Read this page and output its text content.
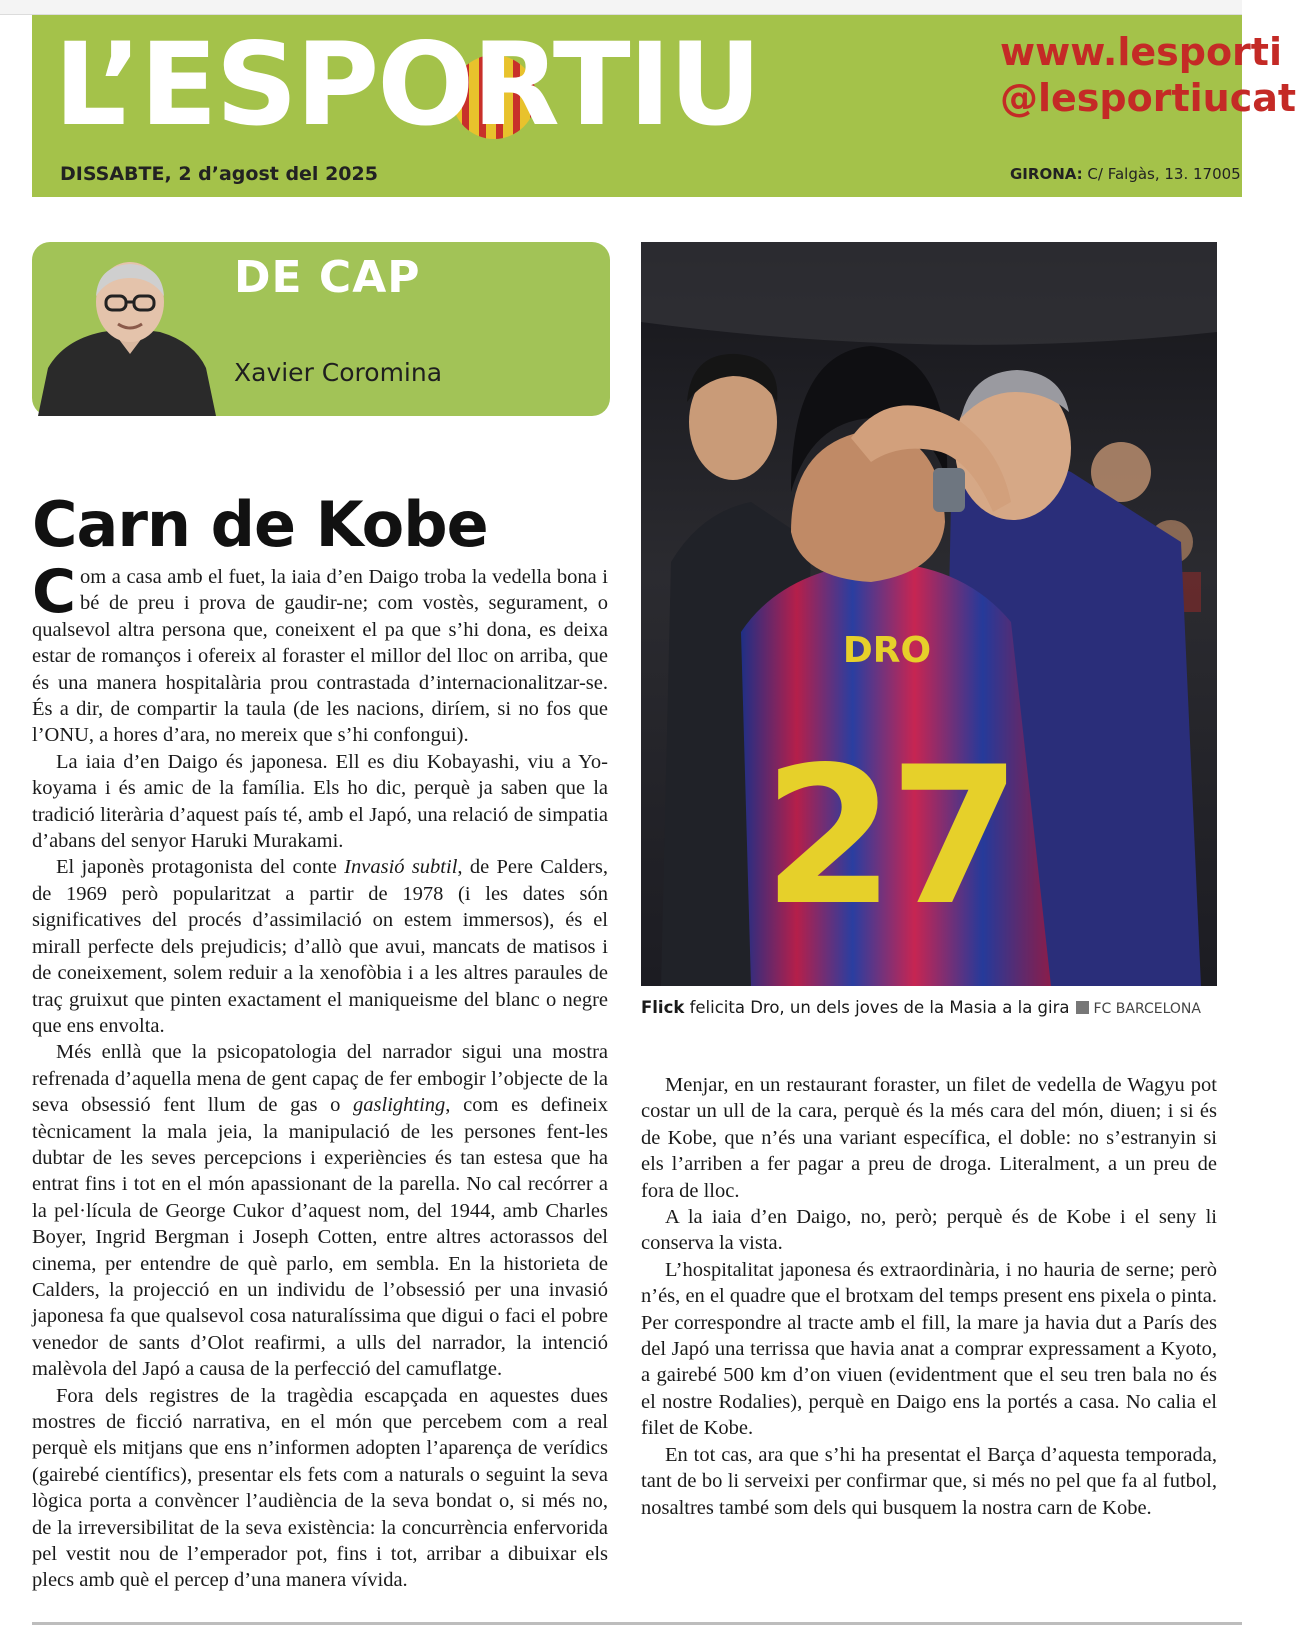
L’ESPORTIU	www.lesporti
@lesportiucat
DISSABTE, 2 d’agost del 2025	GIRONA: C/ Falgàs, 13. 17005
DE CAP
Xavier Coromina
Carn de Kobe

Com a casa amb el fuet, la iaia d’en Daigo troba la vedella bona i bé de preu i prova de gaudir-ne; com vostès, segurament, o qualsevol altra persona que, coneixent el pa que s’hi dona, es deixa estar de romanços i ofereix al foraster el millor del lloc on arriba, que és una manera hospitalària prou contrastada d’internacionalitzar-se. És a dir, de compartir la taula (de les nacions, diríem, si no fos que l’ONU, a hores d’ara, no mereix que s’hi confongui).

La iaia d’en Daigo és japonesa. Ell es diu Kobayashi, viu a Yokoyama i és amic de la família. Els ho dic, perquè ja saben que la tradició literària d’aquest país té, amb el Japó, una relació de simpatia d’abans del senyor Haruki Murakami.

El japonès protagonista del conte Invasió subtil, de Pere Calders, de 1969 però popularitzat a partir de 1978 (i les dates són significatives del procés d’assimilació on estem immersos), és el mirall perfecte dels prejudicis; d’allò que avui, mancats de matisos i de coneixement, solem reduir a la xenofòbia i a les altres paraules de traç gruixut que pinten exactament el maniqueisme del blanc o negre que ens envolta.

Més enllà que la psicopatologia del narrador sigui una mostra refrenada d’aquella mena de gent capaç de fer embogir l’objecte de la seva obsessió fent llum de gas o gaslighting, com es defineix tècnicament la mala jeia, la manipulació de les persones fent-les dubtar de les seves percepcions i experiències és tan estesa que ha entrat fins i tot en el món apassionant de la parella. No cal recórrer a la pel·lícula de George Cukor d’aquest nom, del 1944, amb Charles Boyer, Ingrid Bergman i Joseph Cotten, entre altres actorassos del cinema, per entendre de què parlo, em sembla. En la historieta de Calders, la projecció en un individu de l’obsessió per una invasió japonesa fa que qualsevol cosa naturalíssima que digui o faci el pobre venedor de sants d’Olot reafirmi, a ulls del narrador, la intenció malèvola del Japó a causa de la perfecció del camuflatge.

Fora dels registres de la tragèdia escapçada en aquestes dues mostres de ficció narrativa, en el món que percebem com a real perquè els mitjans que ens n’informen adopten l’aparença de verídics (gairebé científics), presentar els fets com a naturals o seguint la seva lògica porta a convèncer l’audiència de la seva bondat o, si més no, de la irreversibilitat de la seva existència: la concurrència enfervorida pel vestit nou de l’emperador pot, fins i tot, arribar a dibuixar els plecs amb què el percep d’una manera vívida.

DRO
27
Flick felicita Dro, un dels joves de la Masia a la gira FC BARCELONA

Menjar, en un restaurant foraster, un filet de vedella de Wagyu pot costar un ull de la cara, perquè és la més cara del món, diuen; i si és de Kobe, que n’és una variant específica, el doble: no s’estranyin si els l’arriben a fer pagar a preu de droga. Literalment, a un preu de fora de lloc.

A la iaia d’en Daigo, no, però; perquè és de Kobe i el seny li conserva la vista.

L’hospitalitat japonesa és extraordinària, i no hauria de serne; però n’és, en el quadre que el brotxam del temps present ens pixela o pinta. Per correspondre al tracte amb el fill, la mare ja havia dut a París des del Japó una terrissa que havia anat a comprar expressament a Kyoto, a gairebé 500 km d’on viuen (evidentment que el seu tren bala no és el nostre Rodalies), perquè en Daigo ens la portés a casa. No calia el filet de Kobe.

En tot cas, ara que s’hi ha presentat el Barça d’aquesta temporada, tant de bo li serveixi per confirmar que, si més no pel que fa al futbol, nosaltres també som dels qui busquem la nostra carn de Kobe.
